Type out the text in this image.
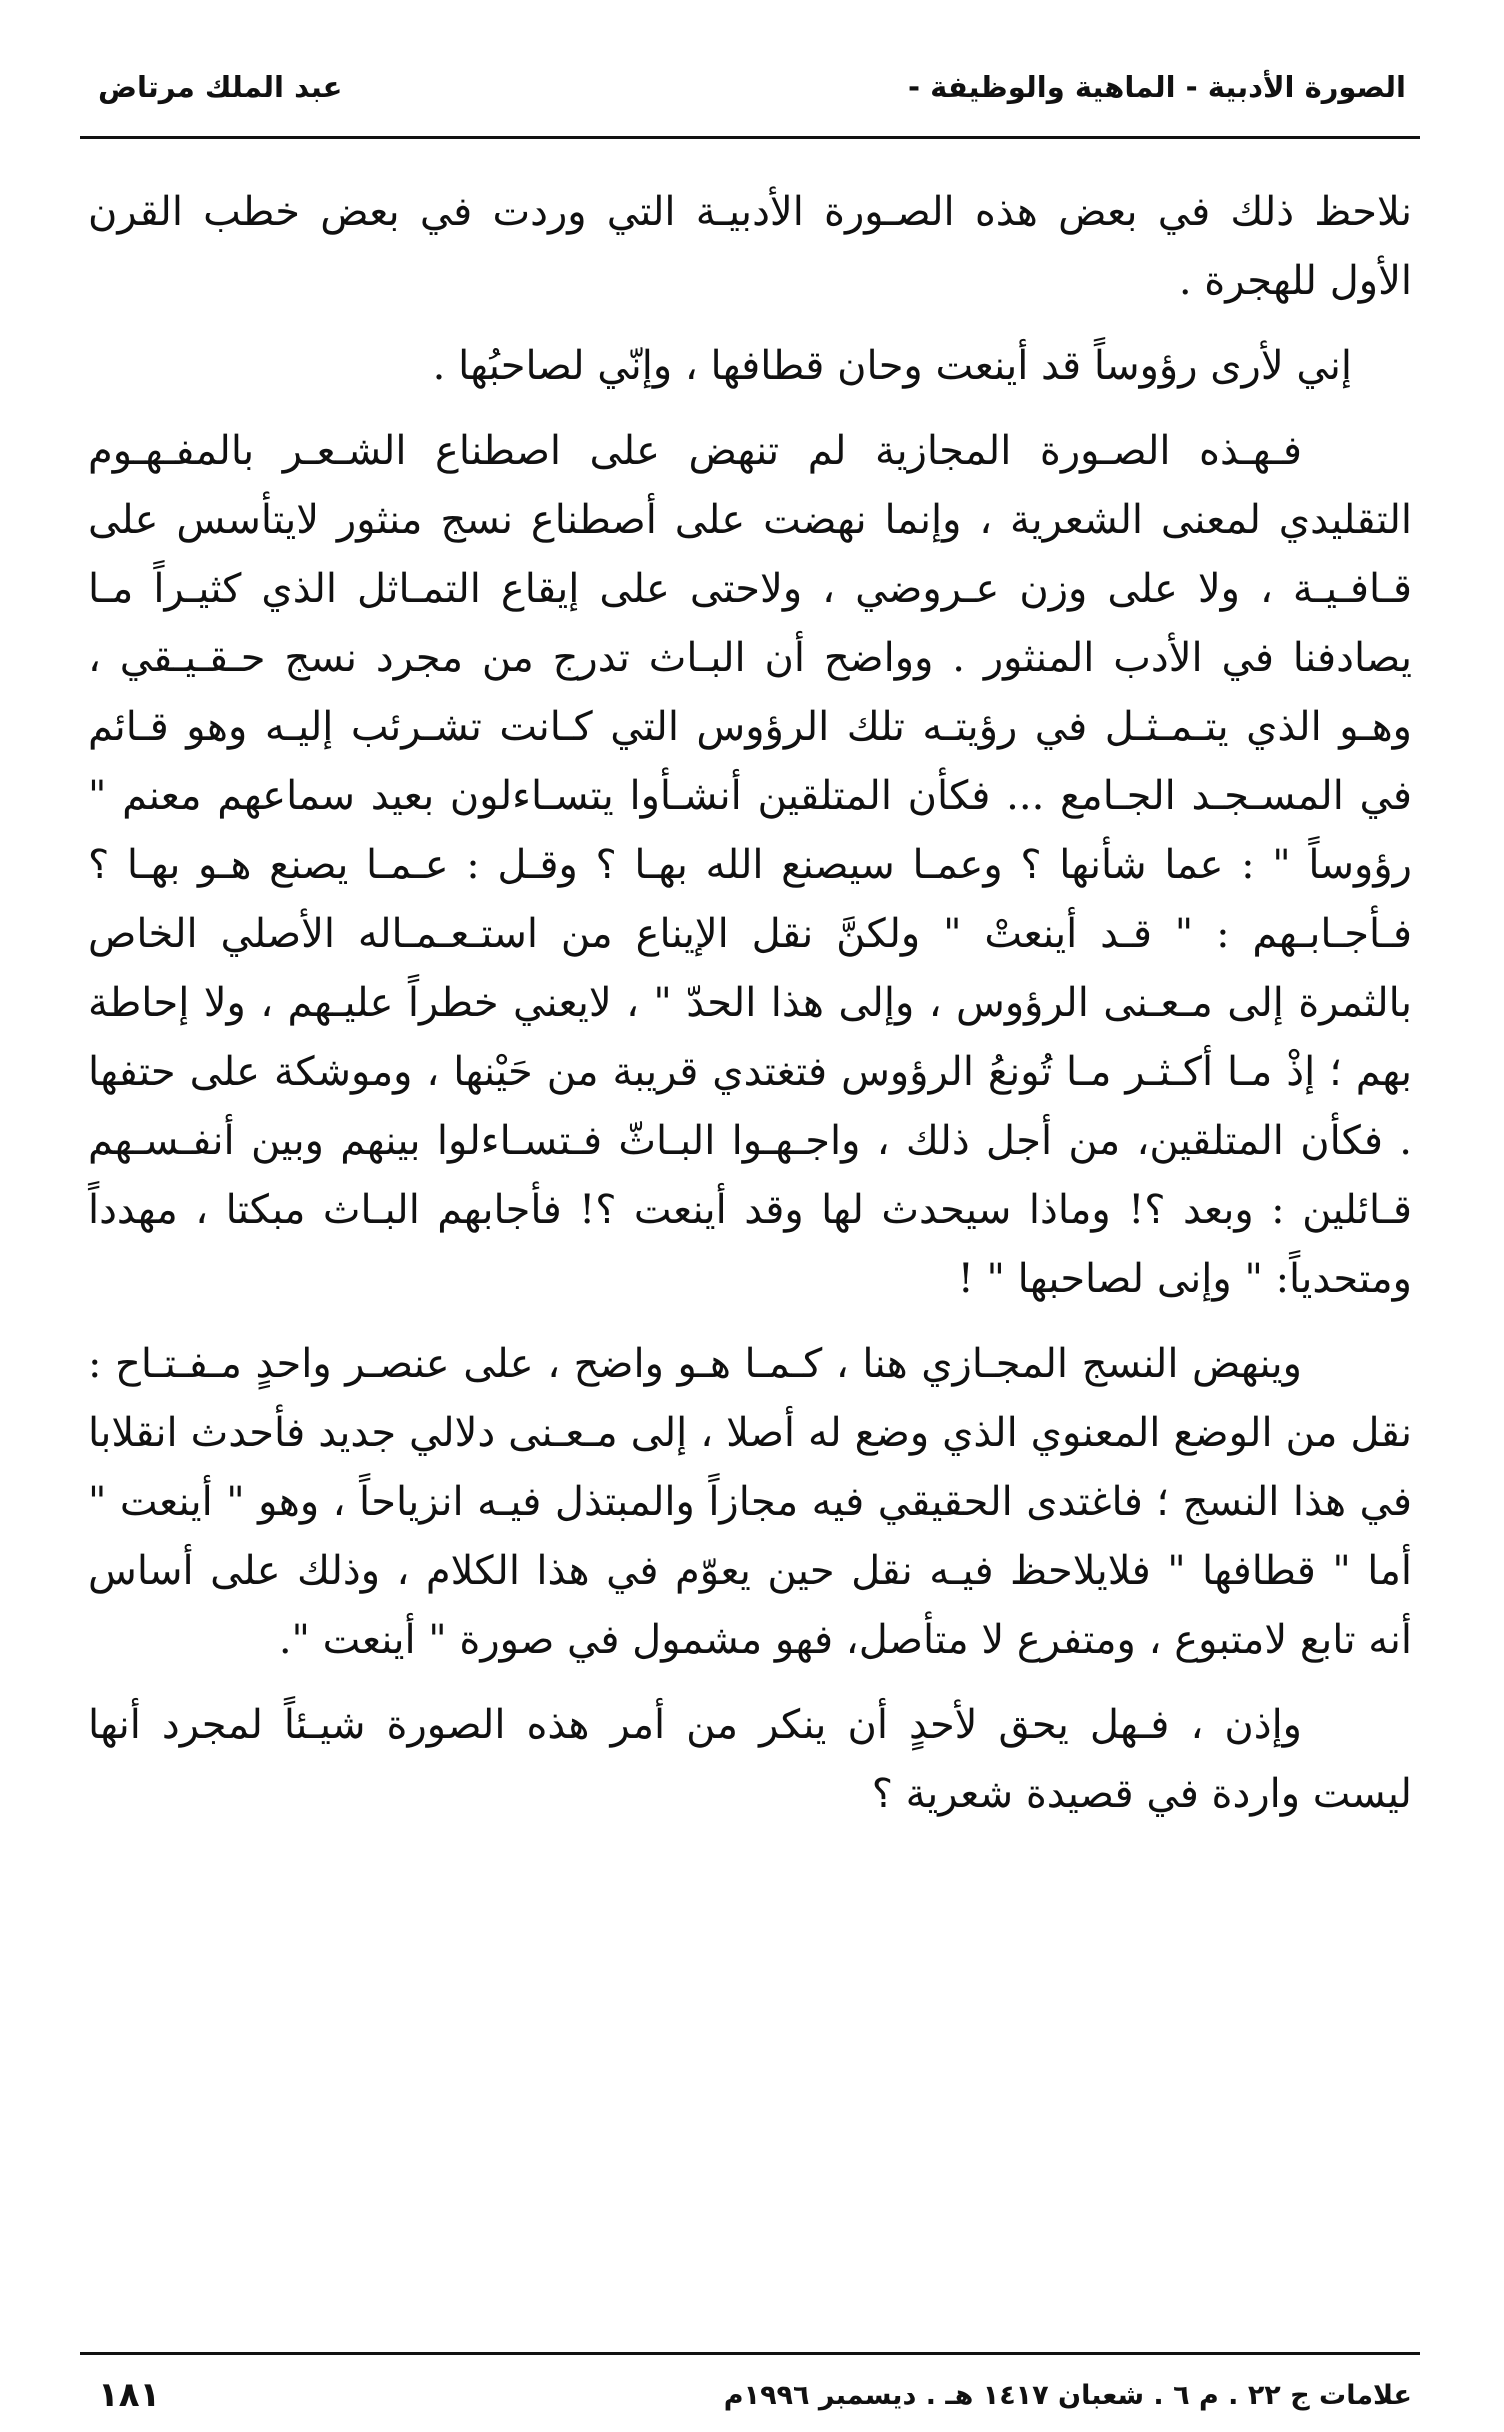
الصورة الأدبية - الماهية والوظيفة -
عبد الملك مرتاض

نلاحظ ذلك في بعض هذه الصـورة الأدبيـة التي وردت في بعض خطب القرن الأول للهجرة .

إني لأرى رؤوساً قد أينعت وحان قطافها ، وإنّي لصاحبُها .

فـهـذه الصـورة المجازية لم تنهض على اصطناع الشـعـر بالمفـهـوم التقليدي لمعنى الشعرية ، وإنما نهضت على أصطناع نسج منثور لايتأسس على قـافـيـة ، ولا على وزن عـروضي ، ولاحتى على إيقاع التمـاثل الذي كثيـراً مـا يصادفنا في الأدب المنثور . وواضح أن البـاث تدرج من مجرد نسج حـقـيـقي ، وهـو الذي يتـمـثـل في رؤيتـه تلك الرؤوس التي كـانت تشـرئب إليـه وهو قـائم في المسـجـد الجـامع ... فكأن المتلقين أنشـأوا يتسـاءلون بعيد سماعهم معنم " رؤوساً " : عما شأنها ؟ وعمـا سيصنع الله بهـا ؟ وقـل : عـمـا يصنع هـو بهـا ؟ فـأجـابـهم : " قـد أينعتْ " ولكنَّ نقل الإيناع من استـعـمـاله الأصلي الخاص بالثمرة إلى مـعـنى الرؤوس ، وإلى هذا الحدّ " ، لايعني خطراً عليـهم ، ولا إحاطة بهم ؛ إذْ مـا أكـثـر مـا تُونعُ الرؤوس فتغتدي قريبة من حَيْنها ، وموشكة على حتفها . فكأن المتلقين، من أجل ذلك ، واجـهـوا البـاثّ فـتسـاءلوا بينهم وبين أنفـسـهم قـائلين : وبعد ؟! وماذا سيحدث لها وقد أينعت ؟! فأجابهم البـاث مبكتا ، مهدداً ومتحدياً: " وإنى لصاحبها " !

وينهض النسج المجـازي هنا ، كـمـا هـو واضح ، على عنصـر واحدٍ مـفـتـاح : نقل من الوضع المعنوي الذي وضع له أصلا ، إلى مـعـنى دلالي جديد فأحدث انقلابا في هذا النسج ؛ فاغتدى الحقيقي فيه مجازاً والمبتذل فيـه انزياحاً ، وهو " أينعت " أما " قطافها " فلايلاحظ فيـه نقل حين يعوّم في هذا الكلام ، وذلك على أساس أنه تابع لامتبوع ، ومتفرع لا متأصل، فهو مشمول في صورة " أينعت ".

وإذن ، فـهل يحق لأحدٍ أن ينكر من أمر هذه الصورة شيـئاً لمجرد أنها ليست واردة في قصيدة شعرية ؟

علامات ج ٢٢ . م ٦ . شعبان ١٤١٧ هـ . ديسمبر ١٩٩٦م
١٨١
